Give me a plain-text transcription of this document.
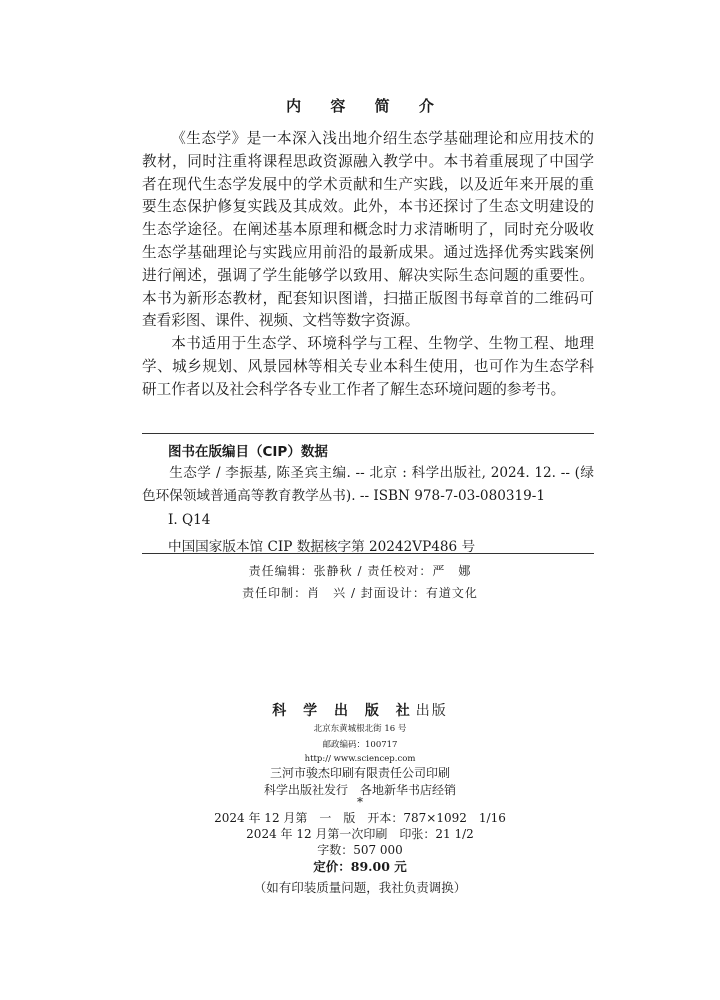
内 容 简 介

《生态学》是一本深入浅出地介绍生态学基础理论和应用技术的教材，同时注重将课程思政资源融入教学中。本书着重展现了中国学者在现代生态学发展中的学术贡献和生产实践，以及近年来开展的重要生态保护修复实践及其成效。此外，本书还探讨了生态文明建设的生态学途径。在阐述基本原理和概念时力求清晰明了，同时充分吸收生态学基础理论与实践应用前沿的最新成果。通过选择优秀实践案例进行阐述，强调了学生能够学以致用、解决实际生态问题的重要性。本书为新形态教材，配套知识图谱，扫描正版图书每章首的二维码可查看彩图、课件、视频、文档等数字资源。

本书适用于生态学、环境科学与工程、生物学、生物工程、地理学、城乡规划、风景园林等相关专业本科生使用，也可作为生态学科研工作者以及社会科学各专业工作者了解生态环境问题的参考书。

图书在版编目（CIP）数据
生态学 / 李振基, 陈圣宾主编. -- 北京 : 科学出版社, 2024. 12. -- (绿色环保领域普通高等教育教学丛书). -- ISBN 978-7-03-080319-1
Ⅰ. Q14
中国国家版本馆 CIP 数据核字第 20242VP486 号
责任编辑：张静秋 / 责任校对：严　娜
责任印制：肖　兴 / 封面设计：有道文化
科 学 出 版 社出版
北京东黄城根北街 16 号
邮政编码：100717
http:// www.sciencep.com
三河市骏杰印刷有限责任公司印刷
科学出版社发行　各地新华书店经销
*
2024 年 12 月第　一　版　开本：787×1092　1/16
2024 年 12 月第一次印刷　印张：21 1/2
字数：507 000
定价：89.00 元
（如有印装质量问题，我社负责调换）
